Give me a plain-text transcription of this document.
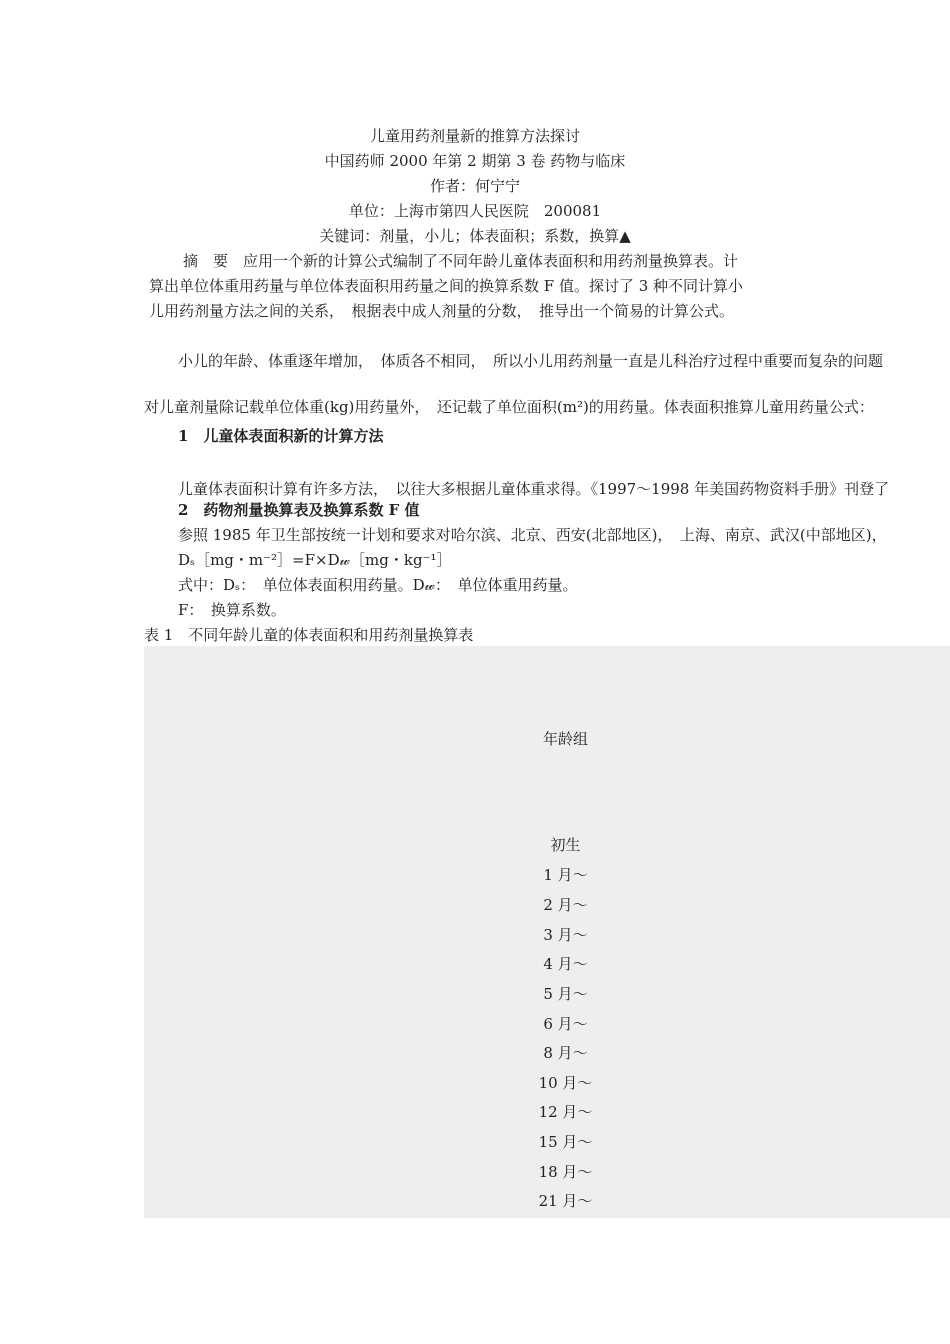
儿童用药剂量新的推算方法探讨
中国药师 2000 年第 2 期第 3 卷 药物与临床
作者：何宁宁
单位：上海市第四人民医院　200081
关键词：剂量，小儿；体表面积；系数，换算▲
摘　要　应用一个新的计算公式编制了不同年龄儿童体表面积和用药剂量换算表。计
算出单位体重用药量与单位体表面积用药量之间的换算系数 F 值。探讨了 3 种不同计算小
儿用药剂量方法之间的关系，　根据表中成人剂量的分数，　推导出一个简易的计算公式。
小儿的年龄、体重逐年增加，　体质各不相同，　所以小儿用药剂量一直是儿科治疗过程中重要而复杂的问题
对儿童剂量除记载单位体重(kg)用药量外，　还记载了单位面积(m²)的用药量。体表面积推算儿童用药量公式：
1　儿童体表面积新的计算方法
儿童体表面积计算有许多方法，　以往大多根据儿童体重求得。《1997～1998 年美国药物资料手册》刊登了
2　药物剂量换算表及换算系数 F 值
参照 1985 年卫生部按统一计划和要求对哈尔滨、北京、西安(北部地区)，　上海、南京、武汉(中部地区)，
Dₛ［mg・m⁻²］=F×D𝓌［mg・kg⁻¹］
式中：Dₛ：　单位体表面积用药量。D𝓌：　单位体重用药量。
F：　换算系数。
表 1　不同年龄儿童的体表面积和用药剂量换算表
年龄组
初生
1 月～
2 月～
3 月～
4 月～
5 月～
6 月～
8 月～
10 月～
12 月～
15 月～
18 月～
21 月～
